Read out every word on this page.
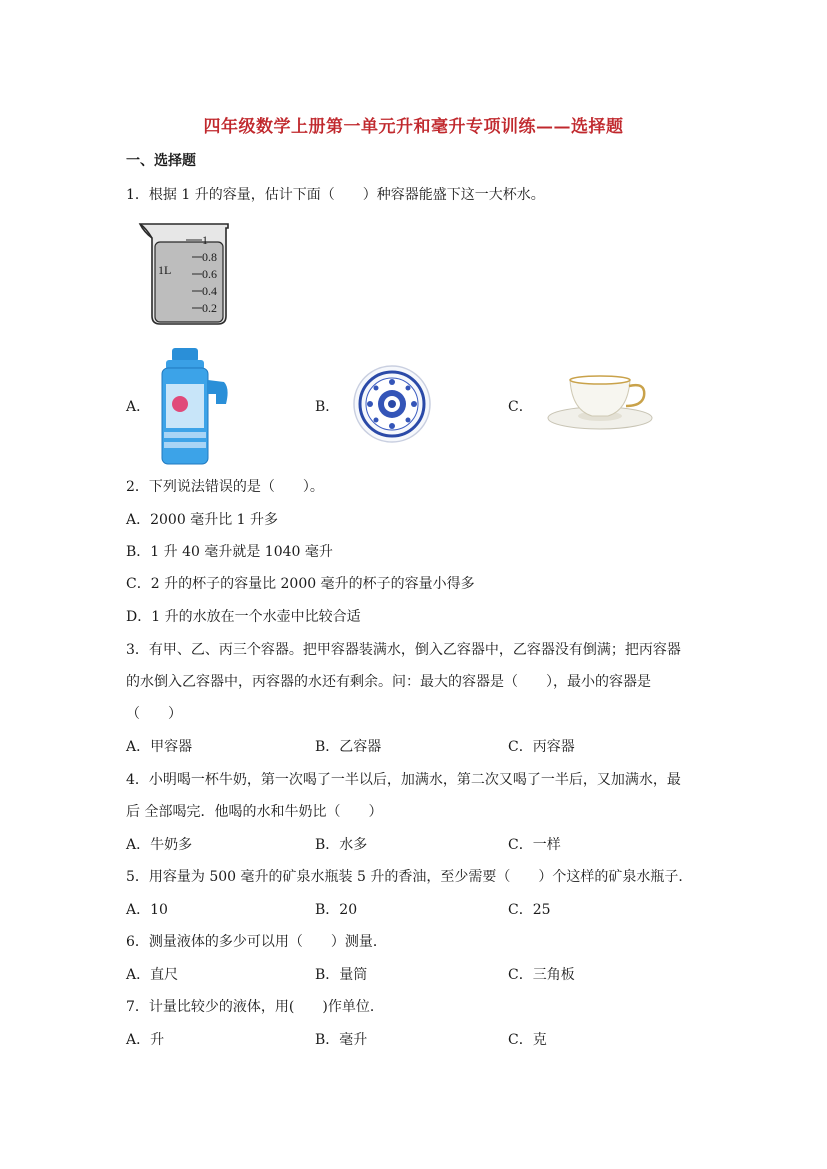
四年级数学上册第一单元升和毫升专项训练——选择题
一、选择题
1．根据 1 升的容量，估计下面（　　）种容器能盛下这一大杯水。
1L
1
0.8
0.6
0.4
0.2
A．	B．	C．
2．下列说法错误的是（　　）。
A．2000 毫升比 1 升多
B．1 升 40 毫升就是 1040 毫升
C．2 升的杯子的容量比 2000 毫升的杯子的容量小得多
D．1 升的水放在一个水壶中比较合适
3．有甲、乙、丙三个容器。把甲容器装满水，倒入乙容器中，乙容器没有倒满；把丙容器
的水倒入乙容器中，丙容器的水还有剩余。问：最大的容器是（　　），最小的容器是
（　　）
A．甲容器	B．乙容器	C．丙容器
4．小明喝一杯牛奶，第一次喝了一半以后，加满水，第二次又喝了一半后，又加满水，最
后 全部喝完．他喝的水和牛奶比（　　）
A．牛奶多	B．水多	C．一样
5．用容量为 500 毫升的矿泉水瓶装 5 升的香油，至少需要（　　）个这样的矿泉水瓶子．
A．10	B．20	C．25
6．测量液体的多少可以用（　　）测量．
A．直尺	B．量筒	C．三角板
7．计量比较少的液体，用(　　)作单位．
A．升	B．毫升	C．克
